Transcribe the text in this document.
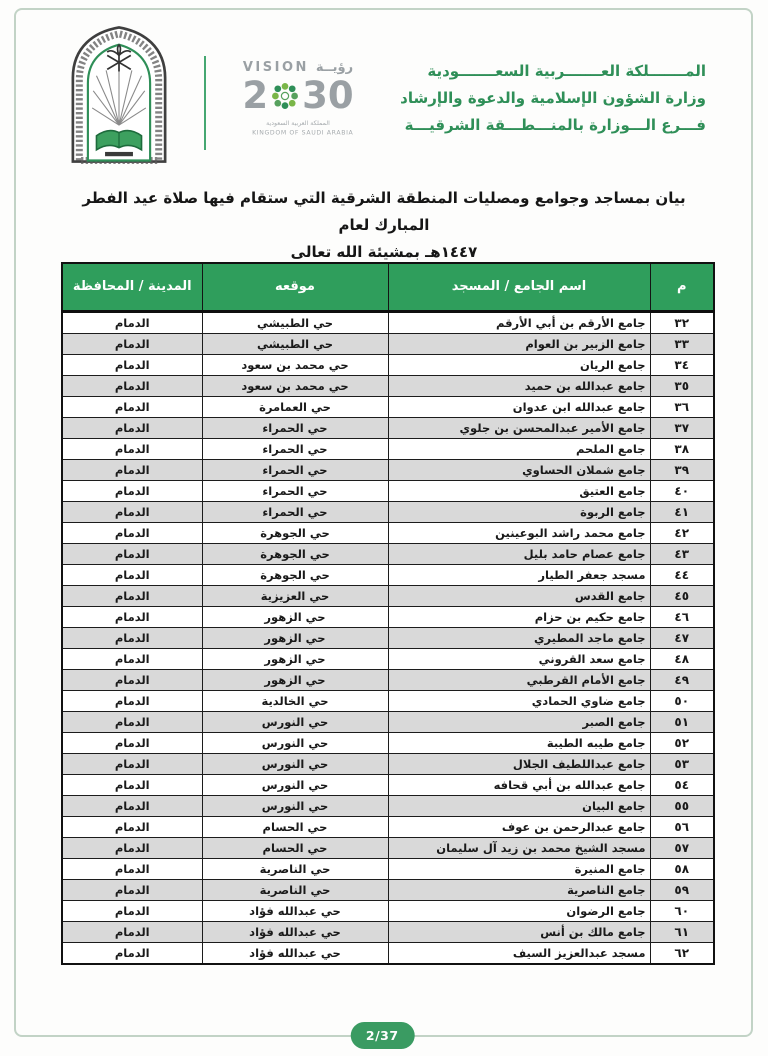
2/37
VISION رؤيــة
2 30
المملكة العربية السعودية
KINGDOM OF SAUDI ARABIA
المـــــــلكة العـــــــربية السعـــــــودية
وزارة الشؤون الإسلامية والدعوة والإرشاد
فـــرع الـــوزارة بالمنـــطـــقة الشرقيـــة
بيان بمساجد وجوامع ومصليات المنطقة الشرقية التي ستقام فيها صلاة عيد الفطر المبارك لعام
١٤٤٧هـ بمشيئة الله تعالى
م	اسم الجامع / المسجد	موقعه	المدينة / المحافظة
٣٢	جامع الأرقم بن أبي الأرقم	حي الطبيشي	الدمام
٣٣	جامع الزبير بن العوام	حي الطبيشي	الدمام
٣٤	جامع الريان	حي محمد بن سعود	الدمام
٣٥	جامع عبدالله بن حميد	حي محمد بن سعود	الدمام
٣٦	جامع عبدالله ابن عدوان	حي العمامرة	الدمام
٣٧	جامع الأمير عبدالمحسن بن جلوي	حي الحمراء	الدمام
٣٨	جامع الملحم	حي الحمراء	الدمام
٣٩	جامع شملان الحساوي	حي الحمراء	الدمام
٤٠	جامع العتيق	حي الحمراء	الدمام
٤١	جامع الربوة	حي الحمراء	الدمام
٤٢	جامع محمد راشد البوعينين	حي الجوهرة	الدمام
٤٣	جامع عصام حامد بليل	حي الجوهرة	الدمام
٤٤	مسجد جعفر الطيار	حي الجوهرة	الدمام
٤٥	جامع القدس	حي العزيزية	الدمام
٤٦	جامع حكيم بن حزام	حي الزهور	الدمام
٤٧	جامع ماجد المطيري	حي الزهور	الدمام
٤٨	جامع سعد القروني	حي الزهور	الدمام
٤٩	جامع الأمام القرطبي	حي الزهور	الدمام
٥٠	جامع ضاوي الحمادي	حي الخالدية	الدمام
٥١	جامع الصبر	حي النورس	الدمام
٥٢	جامع طيبه الطيبة	حي النورس	الدمام
٥٣	جامع عبداللطيف الجلال	حي النورس	الدمام
٥٤	جامع عبدالله بن أبي قحافه	حي النورس	الدمام
٥٥	جامع البيان	حي النورس	الدمام
٥٦	جامع عبدالرحمن بن عوف	حي الحسام	الدمام
٥٧	مسجد الشيخ محمد بن زيد آل سليمان	حي الحسام	الدمام
٥٨	جامع المنيرة	حي الناصرية	الدمام
٥٩	جامع الناصرية	حي الناصرية	الدمام
٦٠	جامع الرضوان	حي عبدالله فؤاد	الدمام
٦١	جامع مالك بن أنس	حي عبدالله فؤاد	الدمام
٦٢	مسجد عبدالعزيز السيف	حي عبدالله فؤاد	الدمام
